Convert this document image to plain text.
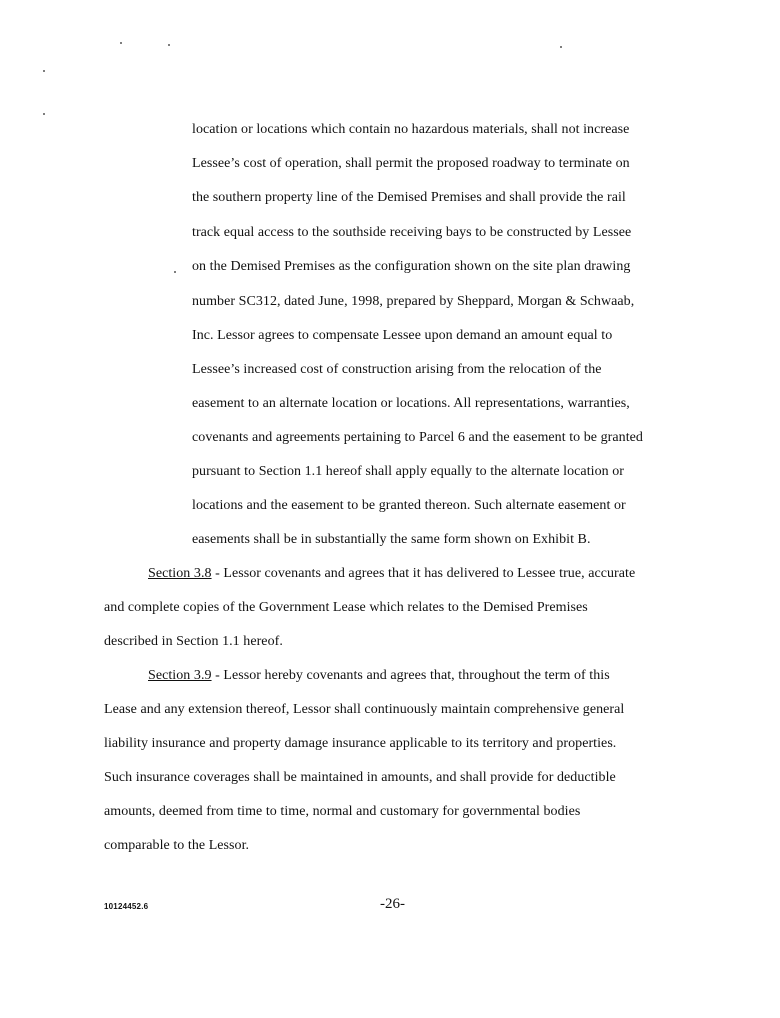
location or locations which contain no hazardous materials, shall not increase
Lessee’s cost of operation, shall permit the proposed roadway to terminate on
the southern property line of the Demised Premises and shall provide the rail
track equal access to the southside receiving bays to be constructed by Lessee
on the Demised Premises as the configuration shown on the site plan drawing
number SC312, dated June, 1998, prepared by Sheppard, Morgan & Schwaab,
Inc. Lessor agrees to compensate Lessee upon demand an amount equal to
Lessee’s increased cost of construction arising from the relocation of the
easement to an alternate location or locations. All representations, warranties,
covenants and agreements pertaining to Parcel 6 and the easement to be granted
pursuant to Section 1.1 hereof shall apply equally to the alternate location or
locations and the easement to be granted thereon. Such alternate easement or
easements shall be in substantially the same form shown on Exhibit B.
Section 3.8 - Lessor covenants and agrees that it has delivered to Lessee true, accurate
and complete copies of the Government Lease which relates to the Demised Premises
described in Section 1.1 hereof.
Section 3.9 - Lessor hereby covenants and agrees that, throughout the term of this
Lease and any extension thereof, Lessor shall continuously maintain comprehensive general
liability insurance and property damage insurance applicable to its territory and properties.
Such insurance coverages shall be maintained in amounts, and shall provide for deductible
amounts, deemed from time to time, normal and customary for governmental bodies
comparable to the Lessor.
10124452.6	-26-
